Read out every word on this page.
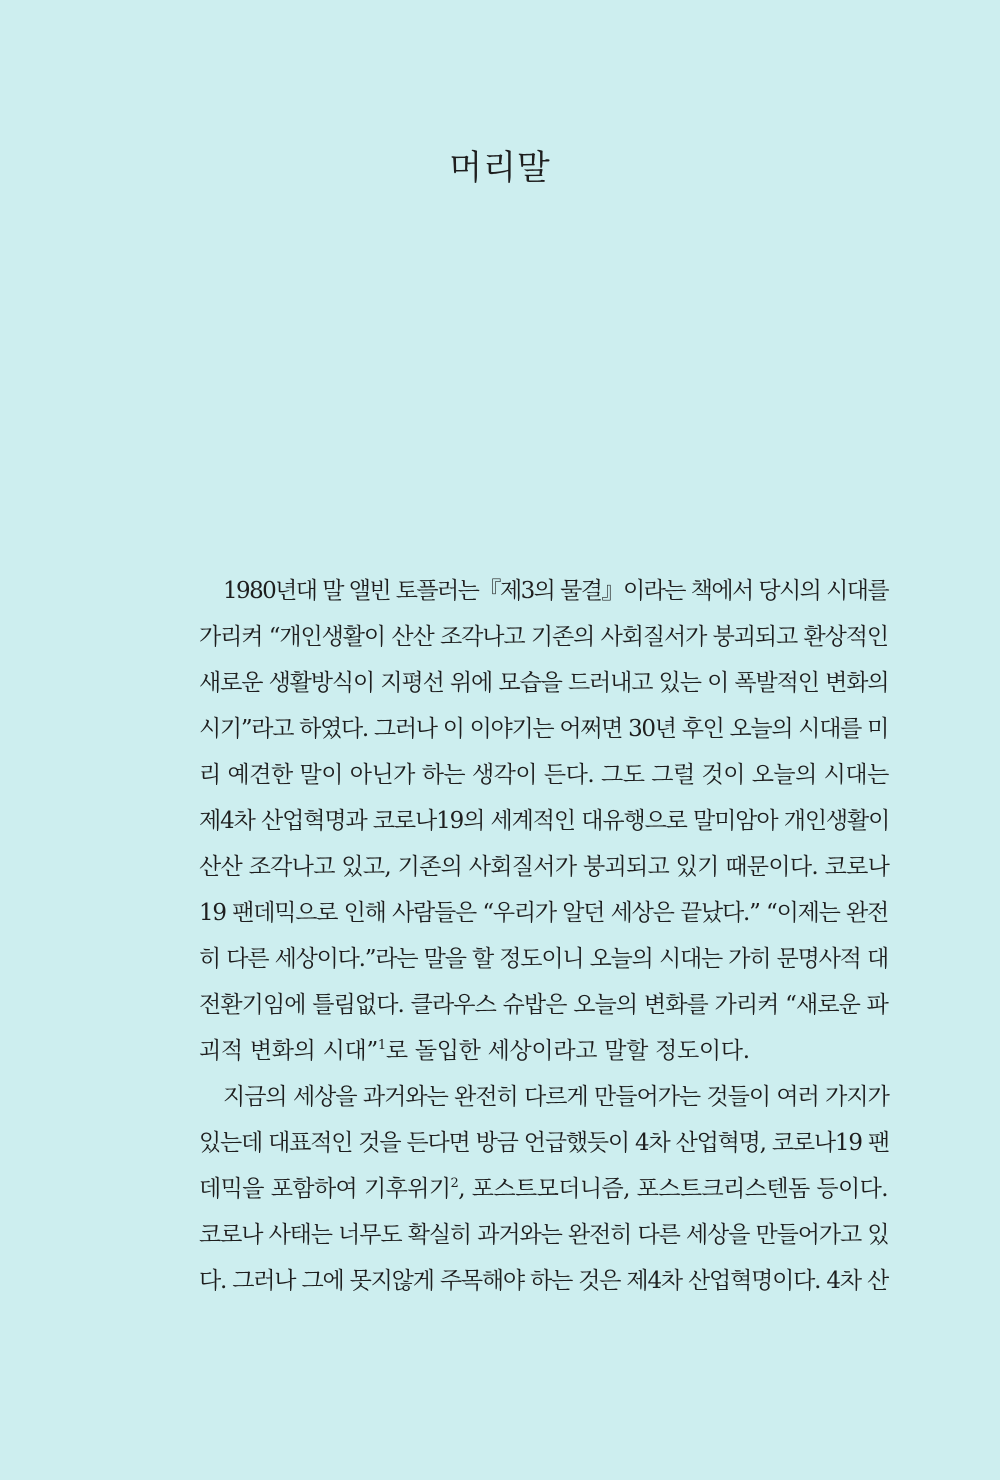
머리말
1980년대 말 앨빈 토플러는『제3의 물결』이라는 책에서 당시의 시대를
가리켜 “개인생활이 산산 조각나고 기존의 사회질서가 붕괴되고 환상적인
새로운 생활방식이 지평선 위에 모습을 드러내고 있는 이 폭발적인 변화의
시기”라고 하였다. 그러나 이 이야기는 어쩌면 30년 후인 오늘의 시대를 미
리 예견한 말이 아닌가 하는 생각이 든다. 그도 그럴 것이 오늘의 시대는
제4차 산업혁명과 코로나19의 세계적인 대유행으로 말미암아 개인생활이
산산 조각나고 있고, 기존의 사회질서가 붕괴되고 있기 때문이다. 코로나
19 팬데믹으로 인해 사람들은 “우리가 알던 세상은 끝났다.” “이제는 완전
히 다른 세상이다.”라는 말을 할 정도이니 오늘의 시대는 가히 문명사적 대
전환기임에 틀림없다. 클라우스 슈밥은 오늘의 변화를 가리켜 “새로운 파
괴적 변화의 시대”$^1$로 돌입한 세상이라고 말할 정도이다.
지금의 세상을 과거와는 완전히 다르게 만들어가는 것들이 여러 가지가
있는데 대표적인 것을 든다면 방금 언급했듯이 4차 산업혁명, 코로나19 팬
데믹을 포함하여 기후위기$^2$, 포스트모더니즘, 포스트크리스텐돔 등이다.
코로나 사태는 너무도 확실히 과거와는 완전히 다른 세상을 만들어가고 있
다. 그러나 그에 못지않게 주목해야 하는 것은 제4차 산업혁명이다. 4차 산
